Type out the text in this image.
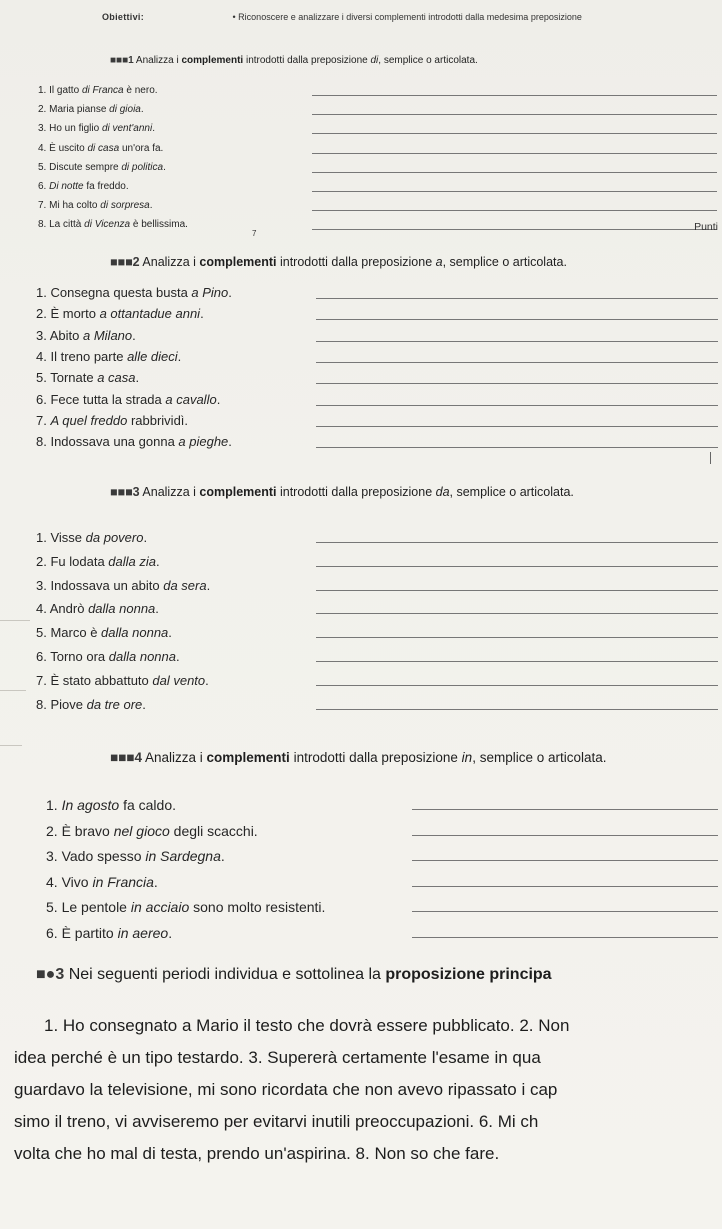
Obiettivi:	• Riconoscere e analizzare i diversi complementi introdotti dalla medesima preposizione
■■■1 Analizza i complementi introdotti dalla preposizione di, semplice o articolata.
1. Il gatto di Franca è nero.
2. Maria pianse di gioia.
3. Ho un figlio di vent'anni.
4. È uscito di casa un'ora fa.
5. Discute sempre di politica.
6. Di notte fa freddo.
7. Mi ha colto di sorpresa.
8. La città di Vicenza è bellissima.	Punti
7
■■■2 Analizza i complementi introdotti dalla preposizione a, semplice o articolata.
1. Consegna questa busta a Pino.
2. È morto a ottantadue anni.
3. Abito a Milano.
4. Il treno parte alle dieci.
5. Tornate a casa.
6. Fece tutta la strada a cavallo.
7. A quel freddo rabbrividì.
8. Indossava una gonna a pieghe.
■■■3 Analizza i complementi introdotti dalla preposizione da, semplice o articolata.
1. Visse da povero.
2. Fu lodata dalla zia.
3. Indossava un abito da sera.
4. Andrò dalla nonna.
5. Marco è dalla nonna.
6. Torno ora dalla nonna.
7. È stato abbattuto dal vento.
8. Piove da tre ore.
■■■4 Analizza i complementi introdotti dalla preposizione in, semplice o articolata.
1. In agosto fa caldo.
2. È bravo nel gioco degli scacchi.
3. Vado spesso in Sardegna.
4. Vivo in Francia.
5. Le pentole in acciaio sono molto resistenti.
6. È partito in aereo.
■●3 Nei seguenti periodi individua e sottolinea la proposizione principa
1. Ho consegnato a Mario il testo che dovrà essere pubblicato. 2. Non
idea perché è un tipo testardo. 3. Supererà certamente l'esame in qua
guardavo la televisione, mi sono ricordata che non avevo ripassato i cap
simo il treno, vi avviseremo per evitarvi inutili preoccupazioni. 6. Mi ch
volta che ho mal di testa, prendo un'aspirina. 8. Non so che fare.
